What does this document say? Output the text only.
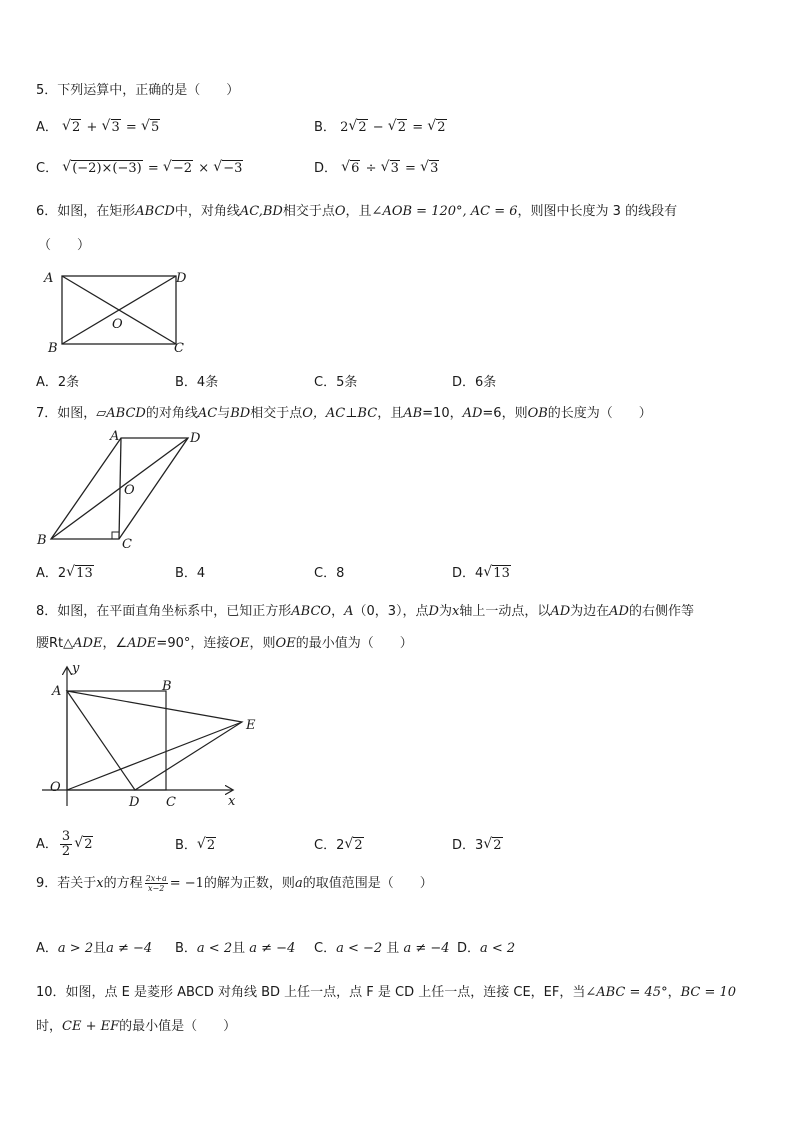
5．下列运算中，正确的是（　　）
A． √ 2 + √ 3 = √ 5	B． 2 √ 2 − √ 2 = √ 2
C． √ (−2)×(−3) = √ −2 × √ −3	D． √ 6 ÷ √ 3 = √ 3
6．如图，在矩形ABCD中，对角线AC,BD相交于点O，且∠AOB = 120°, AC = 6，则图中长度为 3 的线段有
（　　）
A	D
B	C
O
A．2条	B．4条	C．5条	D．6条
7．如图，▱ABCD的对角线AC与BD相交于点O，AC⊥BC，且AB=10，AD=6，则OB的长度为（　　）
A	D
O
B	C
A．2 √ 13	B．4	C．8	D．4 √ 13
8．如图，在平面直角坐标系中，已知正方形ABCO，A（0，3），点D为x轴上一动点，以AD为边在AD的右侧作等
腰Rt△ADE，∠ADE=90°，连接OE，则OE的最小值为（　　）
y
A	B
E
O
D C	x
A． $\frac{3}{2}$ √ 2	B． √ 2	C．2 √ 2	D．3 √ 2
9．若关于x的方程 $\frac{2x+a}{x-2} = -1$的解为正数，则a的取值范围是（　　）
A．a > 2且a ≠ −4 B．a < 2且 a ≠ −4 C．a < −2 且 a ≠ −4 D．a < 2
10．如图，点 E 是菱形 ABCD 对角线 BD 上任一点，点 F 是 CD 上任一点，连接 CE，EF，当∠ABC = 45°，BC = 10
时，CE + EF的最小值是（　　）
